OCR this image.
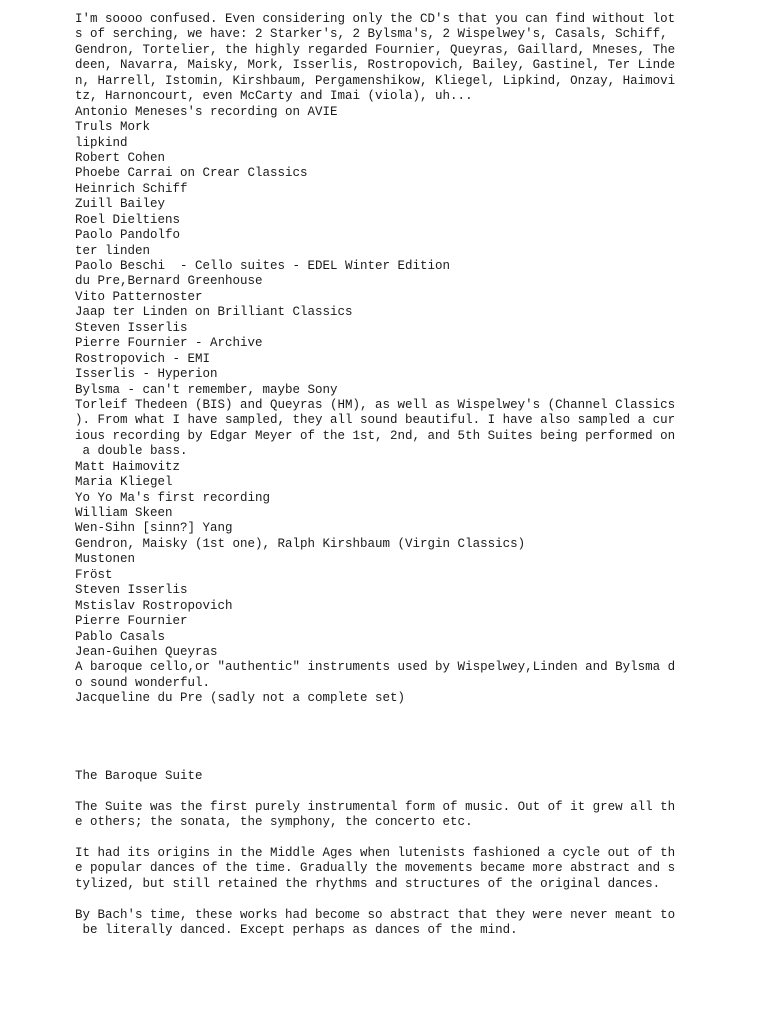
I'm soooo confused. Even considering only the CD's that you can find without lot
s of serching, we have: 2 Starker's, 2 Bylsma's, 2 Wispelwey's, Casals, Schiff,
Gendron, Tortelier, the highly regarded Fournier, Queyras, Gaillard, Mneses, The
deen, Navarra, Maisky, Mork, Isserlis, Rostropovich, Bailey, Gastinel, Ter Linde
n, Harrell, Istomin, Kirshbaum, Pergamenshikow, Kliegel, Lipkind, Onzay, Haimovi
tz, Harnoncourt, even McCarty and Imai (viola), uh...
Antonio Meneses's recording on AVIE
Truls Mork
lipkind
Robert Cohen
Phoebe Carrai on Crear Classics
Heinrich Schiff
Zuill Bailey
Roel Dieltiens
Paolo Pandolfo
ter linden
Paolo Beschi  - Cello suites - EDEL Winter Edition
du Pre,Bernard Greenhouse
Vito Patternoster
Jaap ter Linden on Brilliant Classics
Steven Isserlis
Pierre Fournier - Archive
Rostropovich - EMI
Isserlis - Hyperion
Bylsma - can't remember, maybe Sony
Torleif Thedeen (BIS) and Queyras (HM), as well as Wispelwey's (Channel Classics
). From what I have sampled, they all sound beautiful. I have also sampled a cur
ious recording by Edgar Meyer of the 1st, 2nd, and 5th Suites being performed on
a double bass.
Matt Haimovitz
Maria Kliegel
Yo Yo Ma's first recording
William Skeen
Wen-Sihn [sinn?] Yang
Gendron, Maisky (1st one), Ralph Kirshbaum (Virgin Classics)
Mustonen
Fröst
Steven Isserlis
Mstislav Rostropovich
Pierre Fournier
Pablo Casals
Jean-Guihen Queyras
A baroque cello,or "authentic" instruments used by Wispelwey,Linden and Bylsma d
o sound wonderful.
Jacqueline du Pre (sadly not a complete set)
The Baroque Suite
The Suite was the first purely instrumental form of music. Out of it grew all th
e others; the sonata, the symphony, the concerto etc.
It had its origins in the Middle Ages when lutenists fashioned a cycle out of th
e popular dances of the time. Gradually the movements became more abstract and s
tylized, but still retained the rhythms and structures of the original dances.
By Bach's time, these works had become so abstract that they were never meant to
be literally danced. Except perhaps as dances of the mind.
